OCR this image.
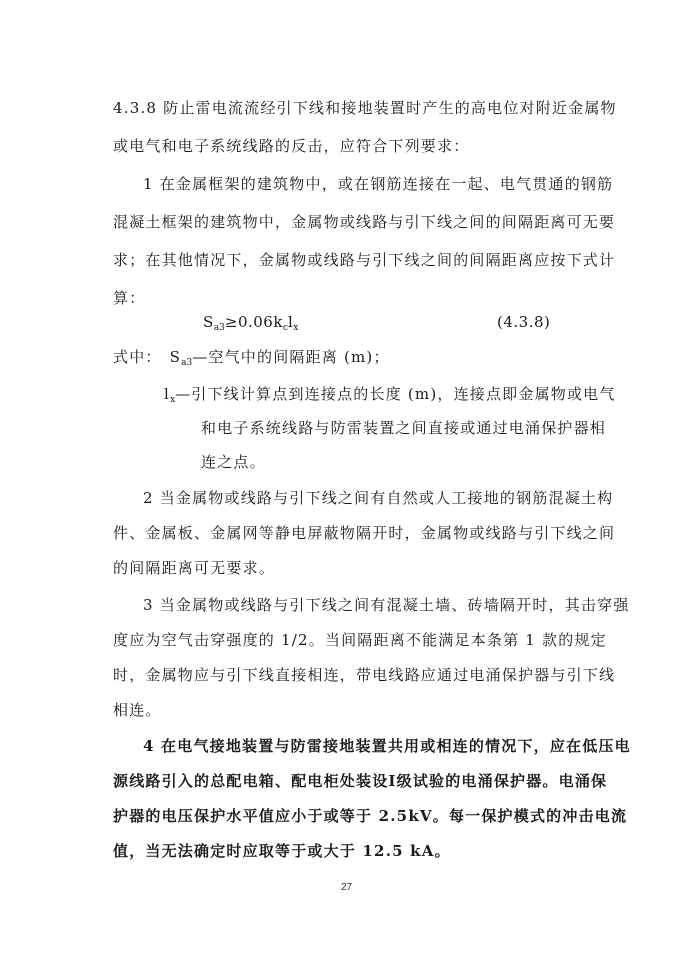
4.3.8 防止雷电流流经引下线和接地装置时产生的高电位对附近金属物
或电气和电子系统线路的反击，应符合下列要求：
1 在金属框架的建筑物中，或在钢筋连接在一起、电气贯通的钢筋
混凝土框架的建筑物中，金属物或线路与引下线之间的间隔距离可无要
求；在其他情况下，金属物或线路与引下线之间的间隔距离应按下式计
算：
$S_{a3}\ge 0.06k_cl_x$	(4.3.8)
式中： $S_{a3}—$空气中的间隔距离 (m)；
$l_x—$引下线计算点到连接点的长度 (m)，连接点即金属物或电气
和电子系统线路与防雷装置之间直接或通过电涌保护器相
连之点。
2 当金属物或线路与引下线之间有自然或人工接地的钢筋混凝土构
件、金属板、金属网等静电屏蔽物隔开时，金属物或线路与引下线之间
的间隔距离可无要求。
3 当金属物或线路与引下线之间有混凝土墙、砖墙隔开时，其击穿强
度应为空气击穿强度的 1/2。当间隔距离不能满足本条第 1 款的规定
时，金属物应与引下线直接相连，带电线路应通过电涌保护器与引下线
相连。
4 在电气接地装置与防雷接地装置共用或相连的情况下，应在低压电
源线路引入的总配电箱、配电柜处装设Ⅰ级试验的电涌保护器。电涌保
护器的电压保护水平值应小于或等于 2.5kV。每一保护模式的冲击电流
值，当无法确定时应取等于或大于 12.5 kA。
27
